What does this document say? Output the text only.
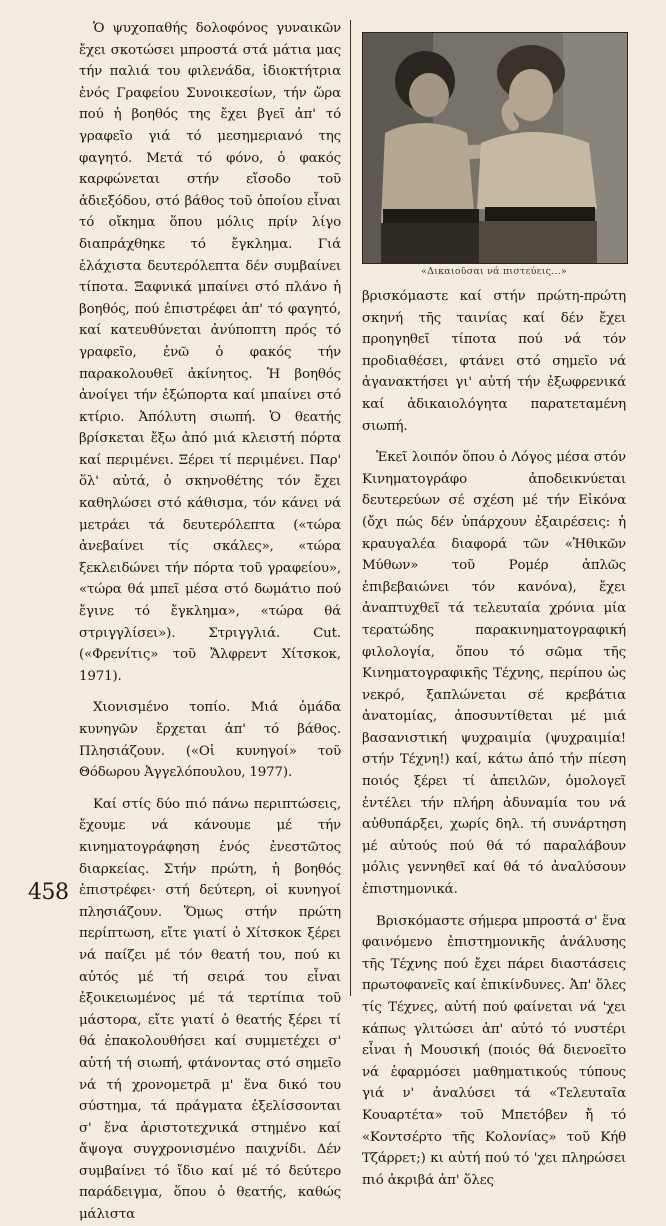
Ὁ ψυχοπαθής δολοφόνος γυναικῶν ἔχει σκοτώσει μπροστά στά μάτια μας τήν παλιά του φιλενάδα, ἰδιοκτήτρια ἑνός Γραφείου Συνοικεσίων, τήν ὥρα πού ἡ βοηθός της ἔχει βγεῖ ἀπ' τό γραφεῖο γιά τό μεσημεριανό της φαγητό. Μετά τό φόνο, ὁ φακός καρφώνεται στήν εἴσοδο τοῦ ἀδιεξόδου, στό βάθος τοῦ ὁποίου εἶναι τό οἴκημα ὅπου μόλις πρίν λίγο διαπράχθηκε τό ἔγκλημα. Γιά ἐλάχιστα δευτερόλεπτα δέν συμβαίνει τίποτα. Ξαφνικά μπαίνει στό πλάνο ἡ βοηθός, πού ἐπιστρέφει ἀπ' τό φαγητό, καί κατευθύνεται ἀνύποπτη πρός τό γραφεῖο, ἐνῶ ὁ φακός τήν παρακολουθεῖ ἀκίνητος. Ἡ βοηθός ἀνοίγει τήν ἐξώπορτα καί μπαίνει στό κτίριο. Ἀπόλυτη σιωπή. Ὁ θεατής βρίσκεται ἔξω ἀπό μιά κλειστή πόρτα καί περιμένει. Ξέρει τί περιμένει. Παρ' ὅλ' αὐτά, ὁ σκηνοθέτης τόν ἔχει καθηλώσει στό κάθισμα, τόν κάνει νά μετράει τά δευτερόλεπτα («τώρα ἀνεβαίνει τίς σκάλες», «τώρα ξεκλειδώνει τήν πόρτα τοῦ γραφείου», «τώρα θά μπεῖ μέσα στό δωμάτιο πού ἔγινε τό ἔγκλημα», «τώρα θά στριγγλίσει»). Στριγγλιά. Cut. («Φρενίτις» τοῦ Ἄλφρεντ Χίτσκοκ, 1971).

Χιονισμένο τοπίο. Μιά ὁμάδα κυνηγῶν ἔρχεται ἀπ' τό βάθος. Πλησιάζουν. («Οἱ κυνηγοί» τοῦ Θόδωρου Ἀγγελόπουλου, 1977).

Καί στίς δύο πιό πάνω περιπτώσεις, ἔχουμε νά κάνουμε μέ τήν κινηματογράφηση ἑνός ἐνεστῶτος διαρκείας. Στήν πρώτη, ἡ βοηθός ἐπιστρέφει· στή δεύτερη, οἱ κυνηγοί πλησιάζουν. Ὅμως στήν πρώτη περίπτωση, εἴτε γιατί ὁ Χίτσκοκ ξέρει νά παίζει μέ τόν θεατή του, πού κι αὐτός μέ τή σειρά του εἶναι ἐξοικειωμένος μέ τά τερτίπια τοῦ μάστορα, εἴτε γιατί ὁ θεατής ξέρει τί θά ἐπακολουθήσει καί συμμετέχει σ' αὐτή τή σιωπή, φτάνοντας στό σημεῖο νά τή χρονομετρᾶ μ' ἕνα δικό του σύστημα, τά πράγματα ἐξελίσσονται σ' ἕνα ἀριστοτεχνικά στημένο καί ἄψογα συγχρονισμένο παιχνίδι. Δέν συμβαίνει τό ἴδιο καί μέ τό δεύτερο παράδειγμα, ὅπου ὁ θεατής, καθώς μάλιστα

«Δικαιοῦσαι νά πιστεύεις...»

βρισκόμαστε καί στήν πρώτη-πρώτη σκηνή τῆς ταινίας καί δέν ἔχει προηγηθεῖ τίποτα πού νά τόν προδιαθέσει, φτάνει στό σημεῖο νά ἀγανακτήσει γι' αὐτή τήν ἐξωφρενικά καί ἀδικαιολόγητα παρατεταμένη σιωπή.

Ἐκεῖ λοιπόν ὅπου ὁ Λόγος μέσα στόν Κινηματογράφο ἀποδεικνύεται δευτερεύων σέ σχέση μέ τήν Εἰκόνα (ὄχι πώς δέν ὑπάρχουν ἐξαιρέσεις: ἡ κραυγαλέα διαφορά τῶν «Ἠθικῶν Μύθων» τοῦ Ρομέρ ἁπλῶς ἐπιβεβαιώνει τόν κανόνα), ἔχει ἀναπτυχθεῖ τά τελευταία χρόνια μία τερατώδης παρακινηματογραφική φιλολογία, ὅπου τό σῶμα τῆς Κινηματογραφικῆς Τέχνης, περίπου ὡς νεκρό, ξαπλώνεται σέ κρεβάτια ἀνατομίας, ἀποσυντίθεται μέ μιά βασανιστική ψυχραιμία (ψυχραιμία! στήν Τέχνη!) καί, κάτω ἀπό τήν πίεση ποιός ξέρει τί ἀπειλῶν, ὁμολογεῖ ἐντέλει τήν πλήρη ἀδυναμία του νά αὐθυπάρξει, χωρίς δηλ. τή συνάρτηση μέ αὐτούς πού θά τό παραλάβουν μόλις γεννηθεῖ καί θά τό ἀναλύσουν ἐπιστημονικά.

Βρισκόμαστε σήμερα μπροστά σ' ἕνα φαινόμενο ἐπιστημονικῆς ἀνάλυσης τῆς Τέχνης πού ἔχει πάρει διαστάσεις πρωτοφανεῖς καί ἐπικίνδυνες. Ἀπ' ὅλες τίς Τέχνες, αὐτή πού φαίνεται νά 'χει κάπως γλιτώσει ἀπ' αὐτό τό νυστέρι εἶναι ἡ Μουσική (ποιός θά διενοεῖτο νά ἐφαρμόσει μαθηματικούς τύπους γιά ν' ἀναλύσει τά «Τελευταῖα Κουαρτέτα» τοῦ Μπετόβεν ἤ τό «Κοντσέρτο τῆς Κολονίας» τοῦ Κήθ Τζάρρετ;) κι αὐτή πού τό 'χει πληρώσει πιό ἀκριβά ἀπ' ὅλες

458
